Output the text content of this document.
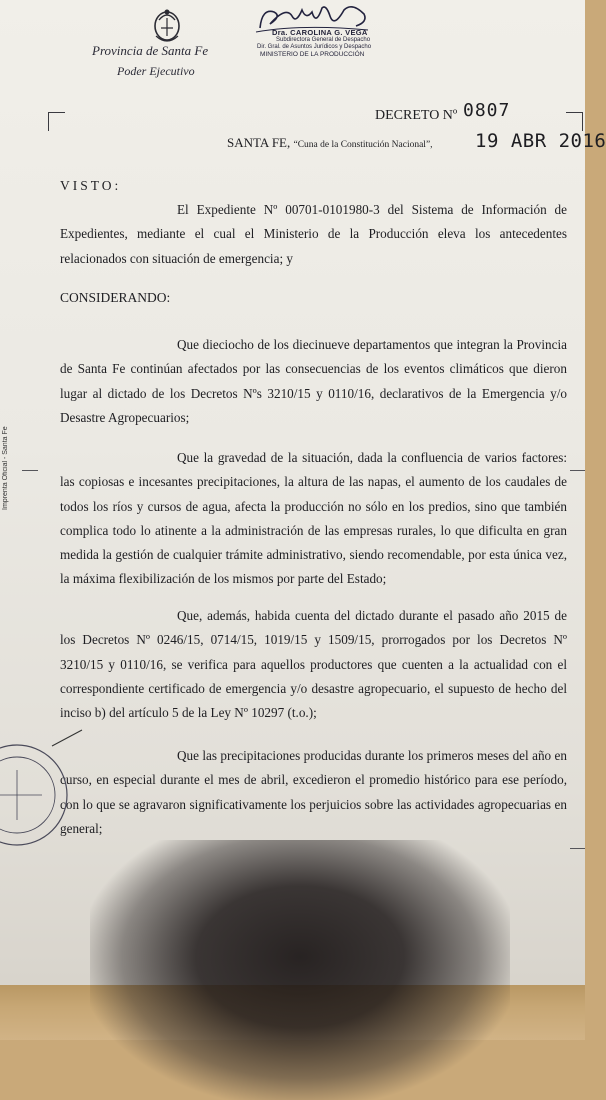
Provincia de Santa Fe
Poder Ejecutivo
Dra. CAROLINA G. VEGA
Subdirectora General de Despacho
Dir. Gral. de Asuntos Jurídicos y Despacho
MINISTERIO DE LA PRODUCCIÓN
DECRETO Nº 0807
SANTA FE, “Cuna de la Constitución Nacional”, 19 ABR 2016
Imprenta Oficial - Santa Fe
VISTO:

El Expediente Nº 00701-0101980-3 del Sistema de Información de Expedientes, mediante el cual el Ministerio de la Producción eleva los antecedentes relacionados con situación de emergencia; y

CONSIDERANDO:

Que dieciocho de los diecinueve departamentos que integran la Provincia de Santa Fe continúan afectados por las consecuencias de los eventos climáticos que dieron lugar al dictado de los Decretos Nºs 3210/15 y 0110/16, declarativos de la Emergencia y/o Desastre Agropecuarios;

Que la gravedad de la situación, dada la confluencia de varios factores: las copiosas e incesantes precipitaciones, la altura de las napas, el aumento de los caudales de todos los ríos y cursos de agua, afecta la producción no sólo en los predios, sino que también complica todo lo atinente a la administración de las empresas rurales, lo que dificulta en gran medida la gestión de cualquier trámite administrativo, siendo recomendable, por esta única vez, la máxima flexibilización de los mismos por parte del Estado;

Que, además, habida cuenta del dictado durante el pasado año 2015 de los Decretos Nº 0246/15, 0714/15, 1019/15 y 1509/15, prorrogados por los Decretos Nº 3210/15 y 0110/16, se verifica para aquellos productores que cuenten a la actualidad con el correspondiente certificado de emergencia y/o desastre agropecuario, el supuesto de hecho del inciso b) del artículo 5 de la Ley Nº 10297 (t.o.);

Que las precipitaciones producidas durante los primeros meses del año en curso, en especial durante el mes de abril, excedieron el promedio histórico para ese período, con lo que se agravaron significativamente los perjuicios sobre las actividades agropecuarias en general;
